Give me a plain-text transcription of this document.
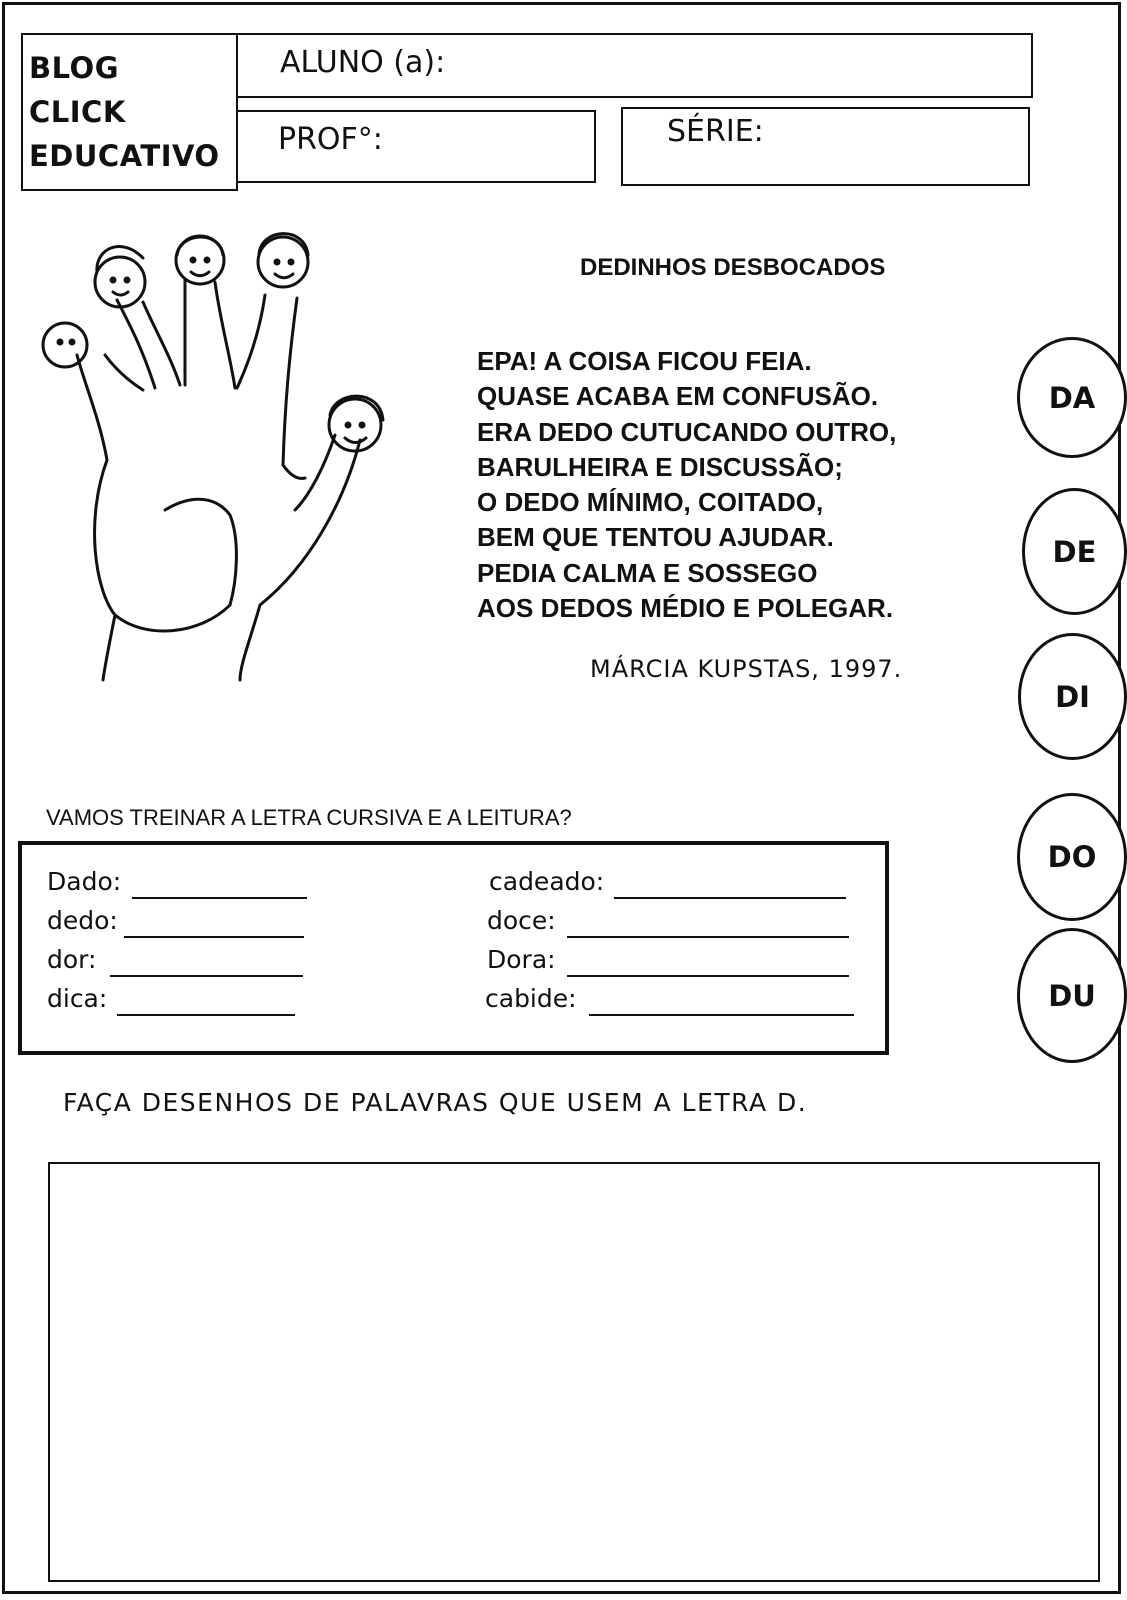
BLOG
CLICK
EDUCATIVO
ALUNO (a):
PROF°:	SÉRIE:
DEDINHOS DESBOCADOS
EPA! A COISA FICOU FEIA.
QUASE ACABA EM CONFUSÃO.
ERA DEDO CUTUCANDO OUTRO,
BARULHEIRA E DISCUSSÃO;
O DEDO MÍNIMO, COITADO,
BEM QUE TENTOU AJUDAR.
PEDIA CALMA E SOSSEGO
AOS DEDOS MÉDIO E POLEGAR.
MÁRCIA KUPSTAS, 1997.
DA
DE
DI
DO
DU
VAMOS TREINAR A LETRA CURSIVA E A LEITURA?
Dado:
dedo:
dor:
dica:
cadeado:
doce:
Dora:
cabide:
FAÇA DESENHOS DE PALAVRAS QUE USEM A LETRA D.
